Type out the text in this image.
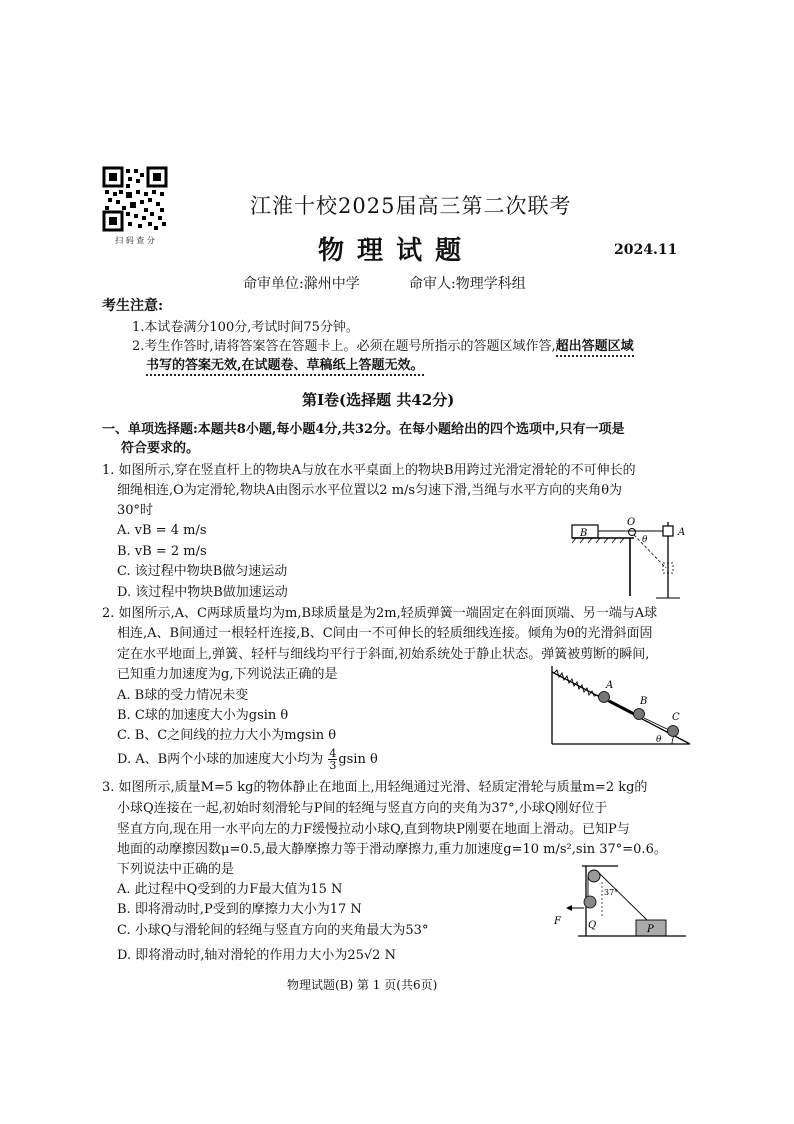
扫 码 查 分
江淮十校2025届高三第二次联考
物 理 试 题	2024.11
命审单位:滁州中学	命审人:物理学科组
考生注意:
1.本试卷满分100分,考试时间75分钟。
2.考生作答时,请将答案答在答题卡上。必须在题号所指示的答题区域作答,超出答题区域
书写的答案无效,在试题卷、草稿纸上答题无效。
第Ⅰ卷(选择题 共42分)
一、单项选择题:本题共8小题,每小题4分,共32分。在每小题给出的四个选项中,只有一项是
符合要求的。
1. 如图所示,穿在竖直杆上的物块A与放在水平桌面上的物块B用跨过光滑定滑轮的不可伸长的
细绳相连,O为定滑轮,物块A由图示水平位置以2 m/s匀速下滑,当绳与水平方向的夹角θ为
30°时
A. vB = 4 m/s
B. vB = 2 m/s
C. 该过程中物块B做匀速运动
D. 该过程中物块B做加速运动
B
O
θ
A
2. 如图所示,A、C两球质量均为m,B球质量是为2m,轻质弹簧一端固定在斜面顶端、另一端与A球
相连,A、B间通过一根轻杆连接,B、C间由一不可伸长的轻质细线连接。倾角为θ的光滑斜面固
定在水平地面上,弹簧、轻杆与细线均平行于斜面,初始系统处于静止状态。弹簧被剪断的瞬间,
已知重力加速度为g,下列说法正确的是
A. B球的受力情况未变
B. C球的加速度大小为gsin θ
C. B、C之间线的拉力大小为mgsin θ
D. A、B两个小球的加速度大小均为 $\frac{4}{3}$ gsin θ
A
B
C
θ
3. 如图所示,质量M=5 kg的物体静止在地面上,用轻绳通过光滑、轻质定滑轮与质量m=2 kg的
小球Q连接在一起,初始时刻滑轮与P间的轻绳与竖直方向的夹角为37°,小球Q刚好位于
竖直方向,现在用一水平向左的力F缓慢拉动小球Q,直到物块P刚要在地面上滑动。已知P与
地面的动摩擦因数μ=0.5,最大静摩擦力等于滑动摩擦力,重力加速度g=10 m/s²,sin 37°=0.6。
下列说法中正确的是
A. 此过程中Q受到的力F最大值为15 N
B. 即将滑动时,P受到的摩擦力大小为17 N
C. 小球Q与滑轮间的轻绳与竖直方向的夹角最大为53°
D. 即将滑动时,轴对滑轮的作用力大小为25√2 N
37°
F	Q	P
物理试题(B) 第 1 页(共6页)
